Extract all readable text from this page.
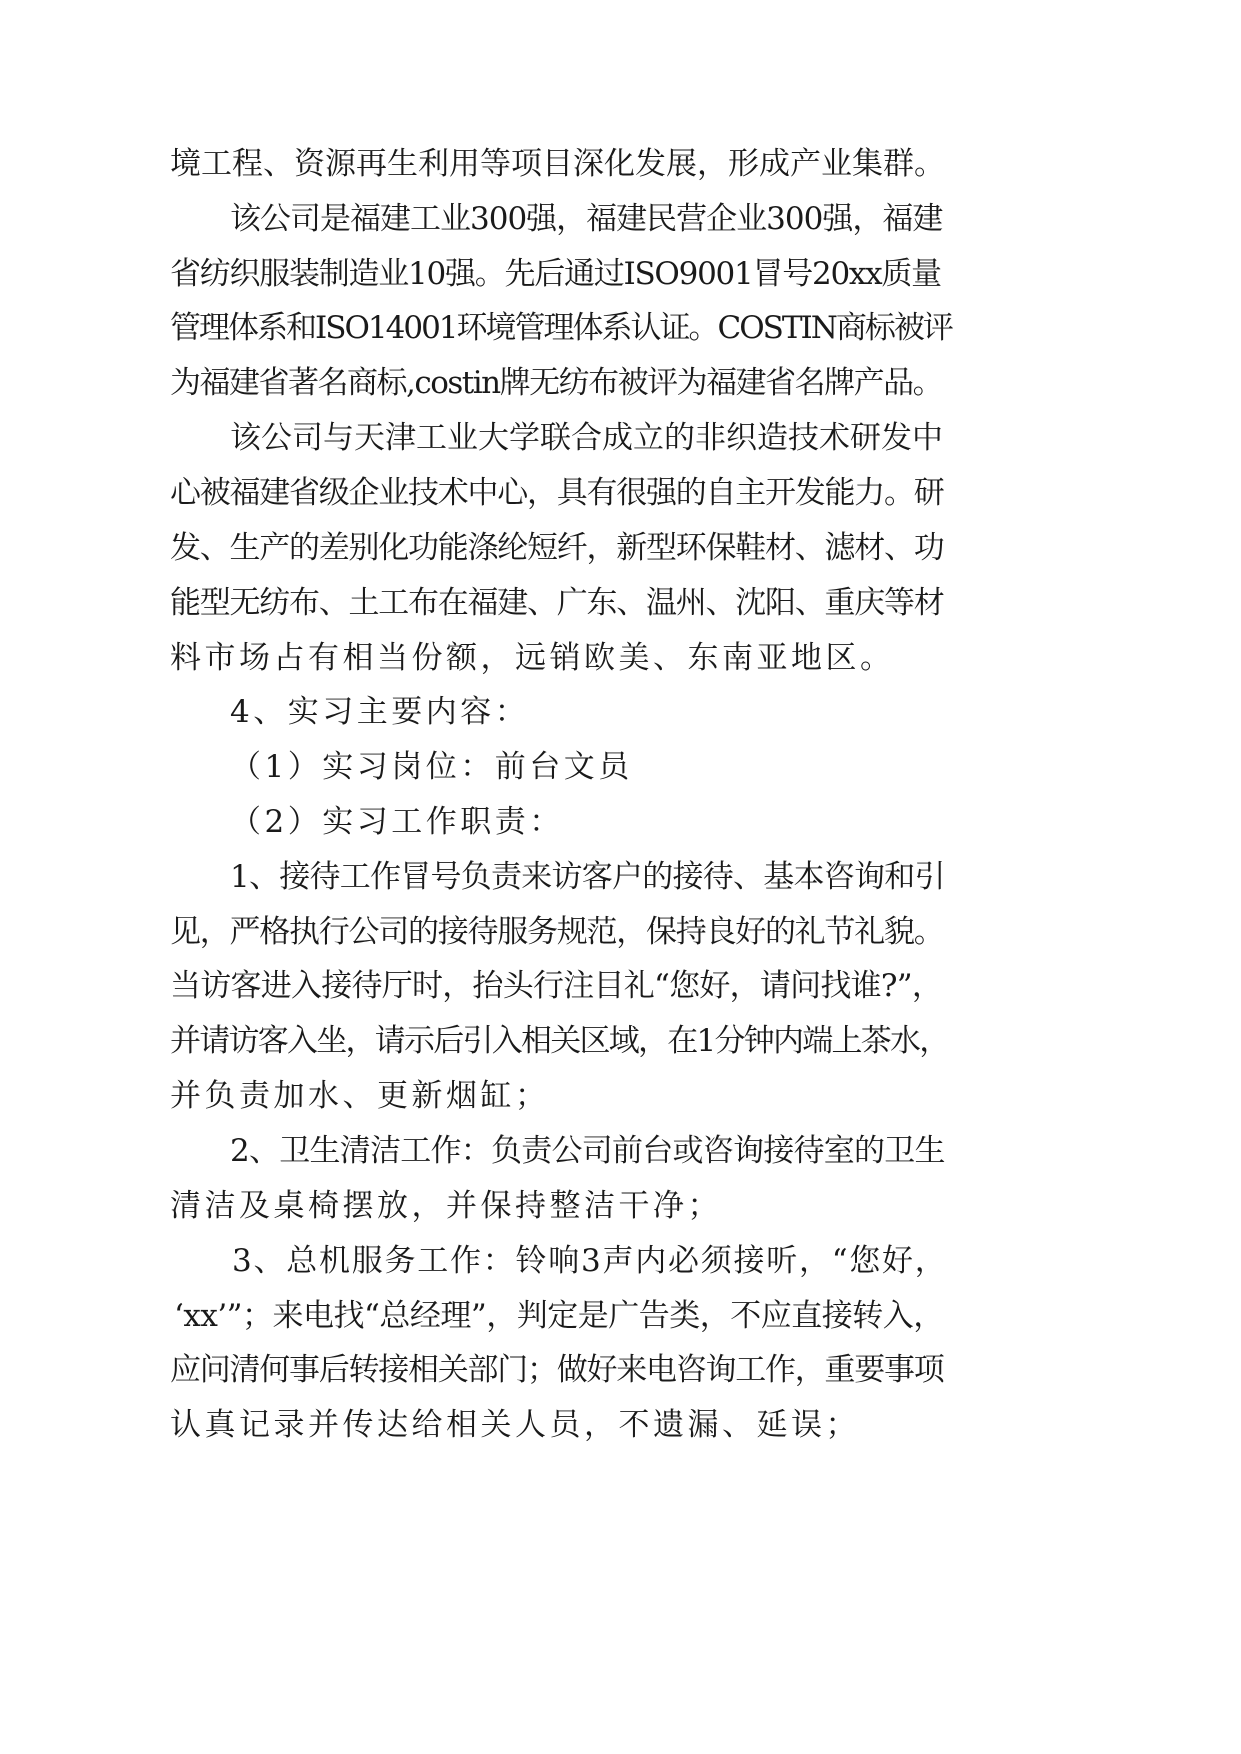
境工程、资源再生利用等项目深化发展，形成产业集群。

该公司是福建工业300强，福建民营企业300强，福建

省纺织服装制造业10强。先后通过ISO9001冒号20xx质量

管理体系和ISO14001环境管理体系认证。COSTIN商标被评

为福建省著名商标,costin牌无纺布被评为福建省名牌产品。

该公司与天津工业大学联合成立的非织造技术研发中

心被福建省级企业技术中心，具有很强的自主开发能力。研

发、生产的差别化功能涤纶短纤，新型环保鞋材、滤材、功

能型无纺布、土工布在福建、广东、温州、沈阳、重庆等材

料市场占有相当份额，远销欧美、东南亚地区。

4、实习主要内容：

（1）实习岗位：前台文员

（2）实习工作职责：

1、接待工作冒号负责来访客户的接待、基本咨询和引

见，严格执行公司的接待服务规范，保持良好的礼节礼貌。

当访客进入接待厅时，抬头行注目礼“您好，请问找谁?”，

并请访客入坐，请示后引入相关区域，在1分钟内端上茶水，

并负责加水、更新烟缸；

2、卫生清洁工作：负责公司前台或咨询接待室的卫生

清洁及桌椅摆放，并保持整洁干净；

3、总机服务工作：铃响3声内必须接听，“您好，

‘xx’”；来电找“总经理”，判定是广告类，不应直接转入，

应问清何事后转接相关部门；做好来电咨询工作，重要事项

认真记录并传达给相关人员，不遗漏、延误；
